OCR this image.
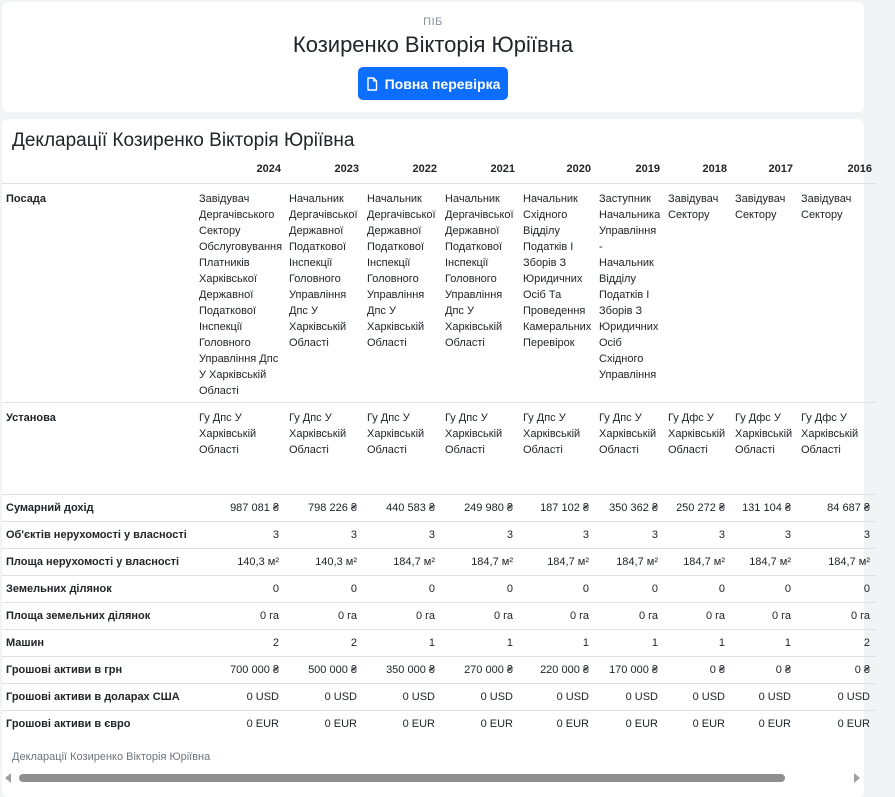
ПІБ
Козиренко Вікторія Юріївна
Повна перевірка
Декларації Козиренко Вікторія Юріївна
	2024	2023	2022	2021	2020	2019	2018	2017	2016
Посада	Завідувач Дергачівського Сектору Обслуговування Платників Харківської Державної Податкової Інспекції Головного Управління Дпс У Харківській Області	Начальник Дергачівської Державної Податкової Інспекції Головного Управління Дпс У Харківській Області	Начальник Дергачівської Державної Податкової Інспекції Головного Управління Дпс У Харківській Області	Начальник Дергачівської Державної Податкової Інспекції Головного Управління Дпс У Харківській Області	Начальник Східного Відділу Податків І Зборів З Юридичних Осіб Та Проведення Камеральних Перевірок	Заступник Начальника Управління - Начальник Відділу Податків І Зборів З Юридичних Осіб Східного Управління	Завідувач Сектору	Завідувач Сектору	Завідувач Сектору
Установа	Гу Дпс У Харківській Області	Гу Дпс У Харківській Області	Гу Дпс У Харківській Області	Гу Дпс У Харківській Області	Гу Дпс У Харківській Області	Гу Дпс У Харківській Області	Гу Дфс У Харківській Області	Гу Дфс У Харківській Області	Гу Дфс У Харківській Області
Сумарний дохід	987 081 ₴	798 226 ₴	440 583 ₴	249 980 ₴	187 102 ₴	350 362 ₴	250 272 ₴	131 104 ₴	84 687 ₴
Об'єктів нерухомості у власності	3	3	3	3	3	3	3	3	3
Площа нерухомості у власності	140,3 м²	140,3 м²	184,7 м²	184,7 м²	184,7 м²	184,7 м²	184,7 м²	184,7 м²	184,7 м²
Земельних ділянок	0	0	0	0	0	0	0	0	0
Площа земельних ділянок	0 га	0 га	0 га	0 га	0 га	0 га	0 га	0 га	0 га
Машин	2	2	1	1	1	1	1	1	2
Грошові активи в грн	700 000 ₴	500 000 ₴	350 000 ₴	270 000 ₴	220 000 ₴	170 000 ₴	0 ₴	0 ₴	0 ₴
Грошові активи в доларах США	0 USD	0 USD	0 USD	0 USD	0 USD	0 USD	0 USD	0 USD	0 USD
Грошові активи в євро	0 EUR	0 EUR	0 EUR	0 EUR	0 EUR	0 EUR	0 EUR	0 EUR	0 EUR
Декларації Козиренко Вікторія Юріївна
